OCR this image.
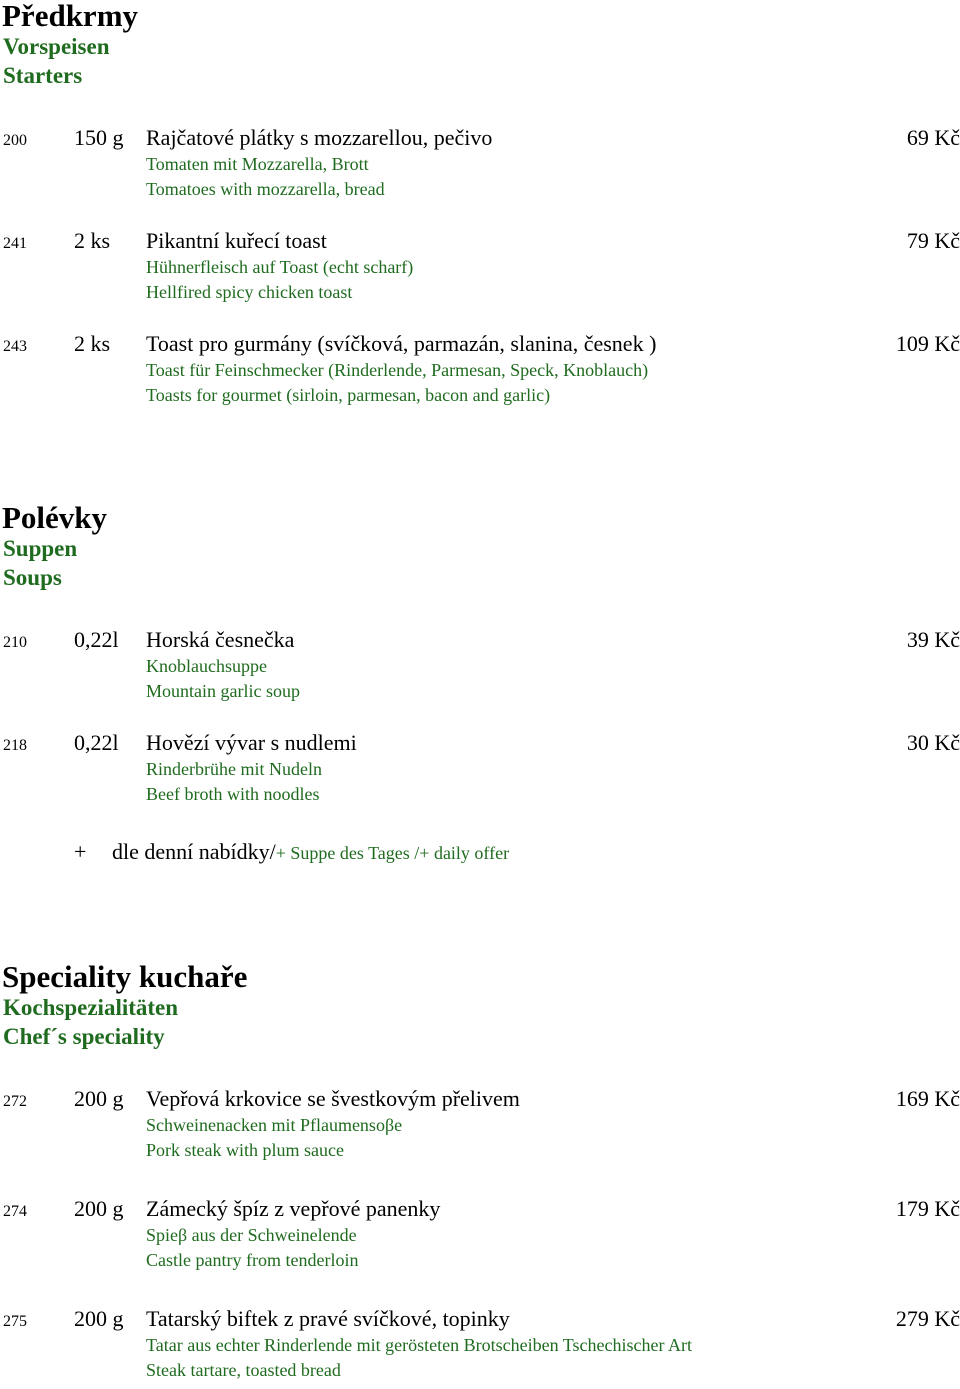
Předkrmy
Vorspeisen
Starters
200 150 g Rajčatové plátky s mozzarellou, pečivo	69 Kč
Tomaten mit Mozzarella, Brott
Tomatoes with mozzarella, bread
241 2 ks Pikantní kuřecí toast	79 Kč
Hühnerfleisch auf Toast (echt scharf)
Hellfired spicy chicken toast
243 2 ks Toast pro gurmány (svíčková, parmazán, slanina, česnek )	109 Kč
Toast für Feinschmecker (Rinderlende, Parmesan, Speck, Knoblauch)
Toasts for gourmet (sirloin, parmesan, bacon and garlic)
Polévky
Suppen
Soups
210 0,22l Horská česnečka	39 Kč
Knoblauchsuppe
Mountain garlic soup
218 0,22l Hovězí vývar s nudlemi	30 Kč
Rinderbrühe mit Nudeln
Beef broth with noodles
+ dle denní nabídky/+ Suppe des Tages /+ daily offer
Speciality kuchaře
Kochspezialitäten
Chef´s speciality
272 200 g Vepřová krkovice se švestkovým přelivem	169 Kč
Schweinenacken mit Pflaumensoβe
Pork steak with plum sauce
274 200 g Zámecký špíz z vepřové panenky	179 Kč
Spieβ aus der Schweinelende
Castle pantry from tenderloin
275 200 g Tatarský biftek z pravé svíčkové, topinky	279 Kč
Tatar aus echter Rinderlende mit gerösteten Brotscheiben Tschechischer Art
Steak tartare, toasted bread
